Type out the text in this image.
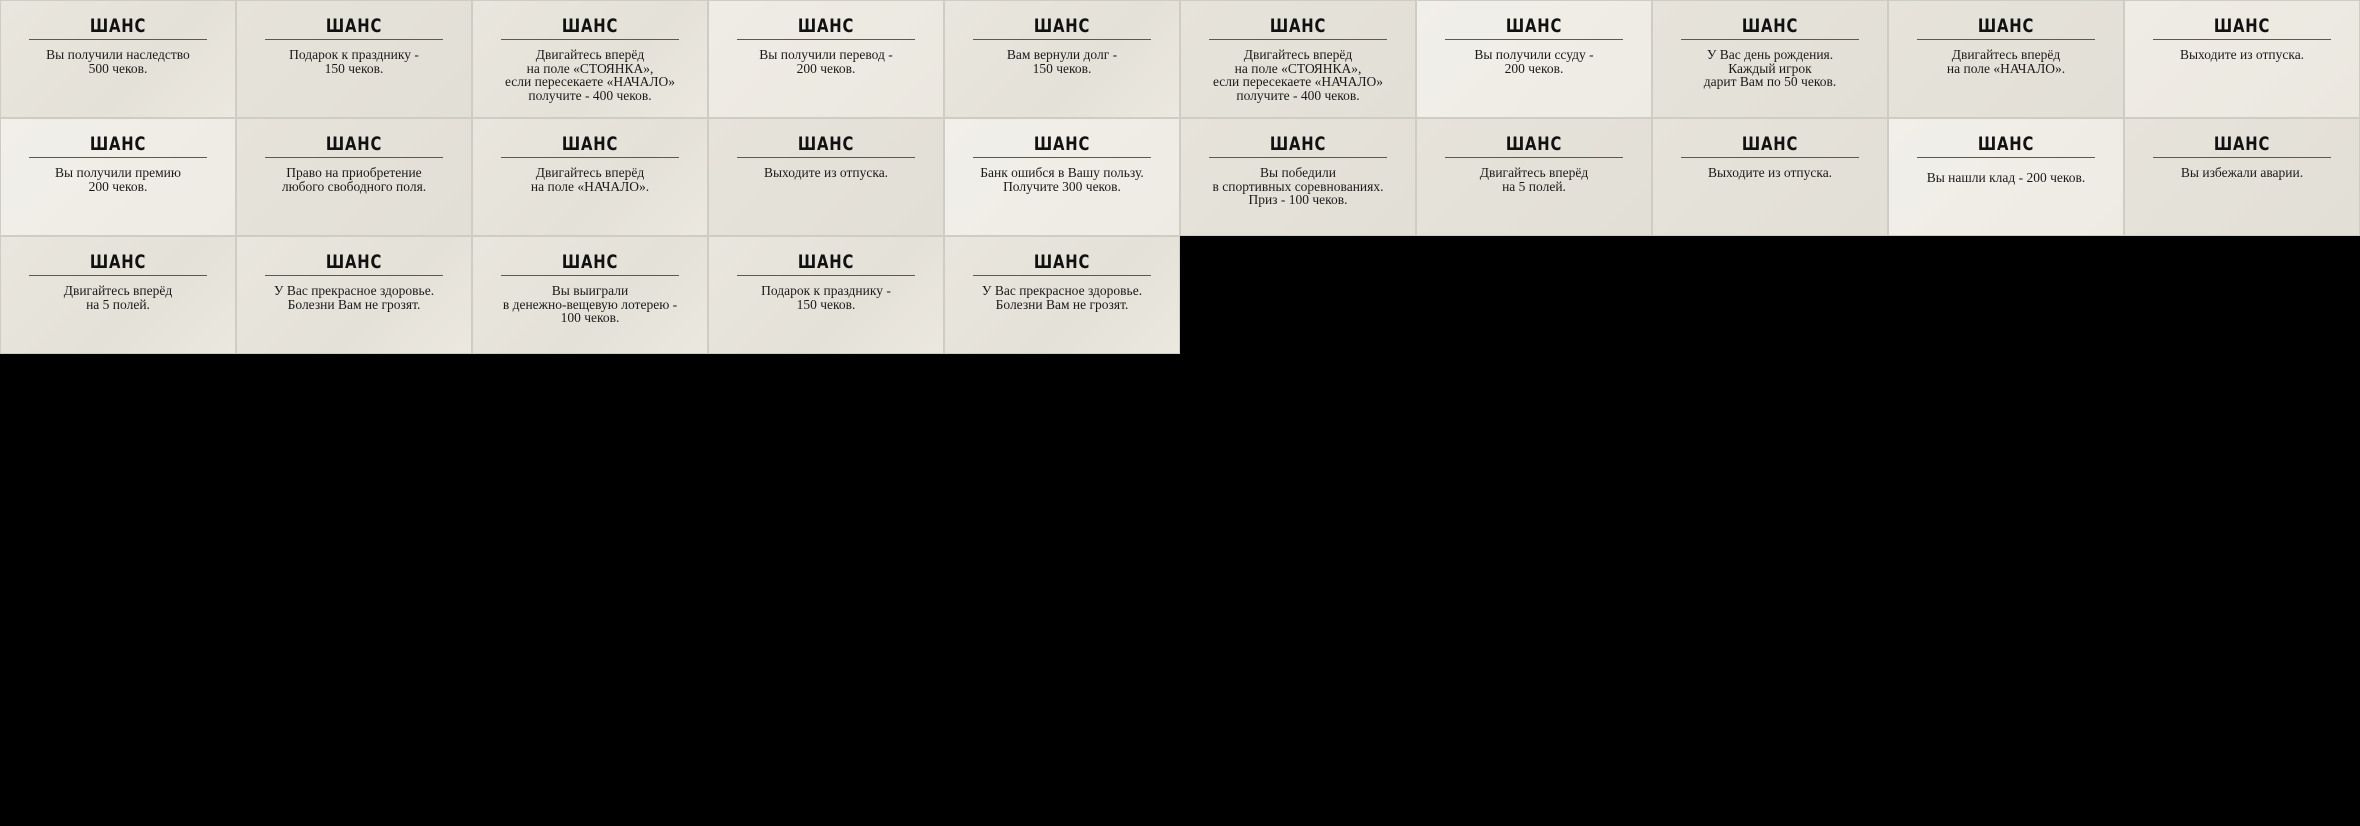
ШАНС
Вы получили наследство
500 чеков.
ШАНС
Подарок к празднику -
150 чеков.
ШАНС
Двигайтесь вперёд
на поле «СТОЯНКА»,
если пересекаете «НАЧАЛО»
получите - 400 чеков.
ШАНС
Вы получили перевод -
200 чеков.
ШАНС
Вам вернули долг -
150 чеков.
ШАНС
Двигайтесь вперёд
на поле «СТОЯНКА»,
если пересекаете «НАЧАЛО»
получите - 400 чеков.
ШАНС
Вы получили ссуду -
200 чеков.
ШАНС
У Вас день рождения.
Каждый игрок
дарит Вам по 50 чеков.
ШАНС
Двигайтесь вперёд
на поле «НАЧАЛО».
ШАНС
Выходите из отпуска.
ШАНС
Вы получили премию
200 чеков.
ШАНС
Право на приобретение
любого свободного поля.
ШАНС
Двигайтесь вперёд
на поле «НАЧАЛО».
ШАНС
Выходите из отпуска.
ШАНС
Банк ошибся в Вашу пользу.
Получите 300 чеков.
ШАНС
Вы победили
в спортивных соревнованиях.
Приз - 100 чеков.
ШАНС
Двигайтесь вперёд
на 5 полей.
ШАНС
Выходите из отпуска.
ШАНС
Вы нашли клад - 200 чеков.
ШАНС
Вы избежали аварии.
ШАНС
Двигайтесь вперёд
на 5 полей.
ШАНС
У Вас прекрасное здоровье.
Болезни Вам не грозят.
ШАНС
Вы выиграли
в денежно-вещевую лотерею -
100 чеков.
ШАНС
Подарок к празднику -
150 чеков.
ШАНС
У Вас прекрасное здоровье.
Болезни Вам не грозят.
